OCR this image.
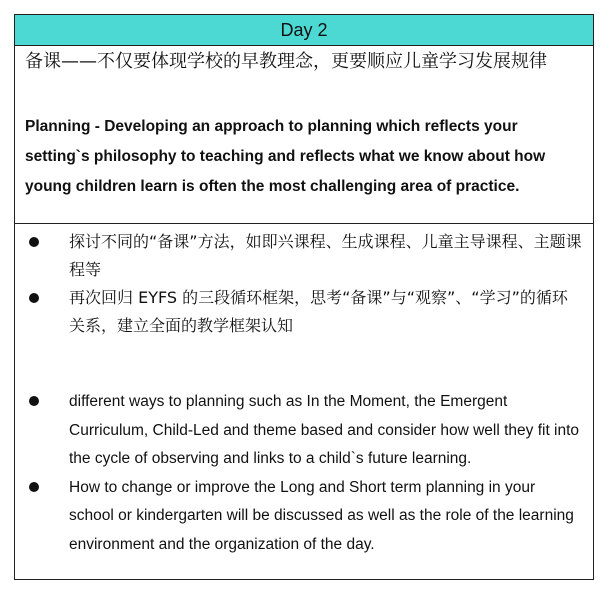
Day 2

备课——不仅要体现学校的早教理念，更要顺应儿童学习发展规律

Planning - Developing an approach to planning which reflects your setting`s philosophy to teaching and reflects what we know about how young children learn is often the most challenging area of practice.
探讨不同的“备课”方法，如即兴课程、生成课程、儿童主导课程、主题课程等
再次回归 EYFS 的三段循环框架，思考“备课”与“观察”、“学习”的循环关系，建立全面的教学框架认知
different ways to planning such as In the Moment, the Emergent Curriculum, Child-Led and theme based and consider how well they fit into the cycle of observing and links to a child`s future learning.
How to change or improve the Long and Short term planning in your school or kindergarten will be discussed as well as the role of the learning environment and the organization of the day.
